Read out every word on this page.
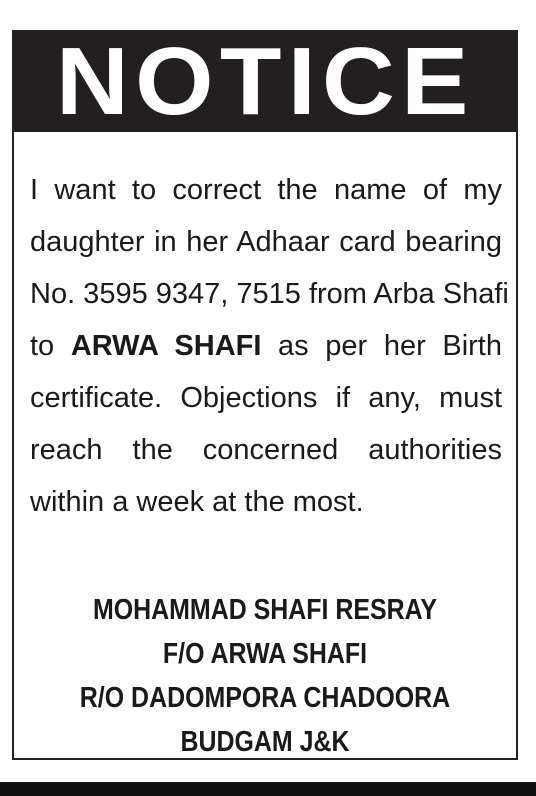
NOTICE
I want to correct the name of my
daughter in her Adhaar card bearing
No. 3595 9347, 7515 from Arba Shafi
to ARWA SHAFI as per her Birth
certificate. Objections if any, must
reach the concerned authorities
within a week at the most.
MOHAMMAD SHAFI RESRAY
F/O ARWA SHAFI
R/O DADOMPORA CHADOORA
BUDGAM J&K
